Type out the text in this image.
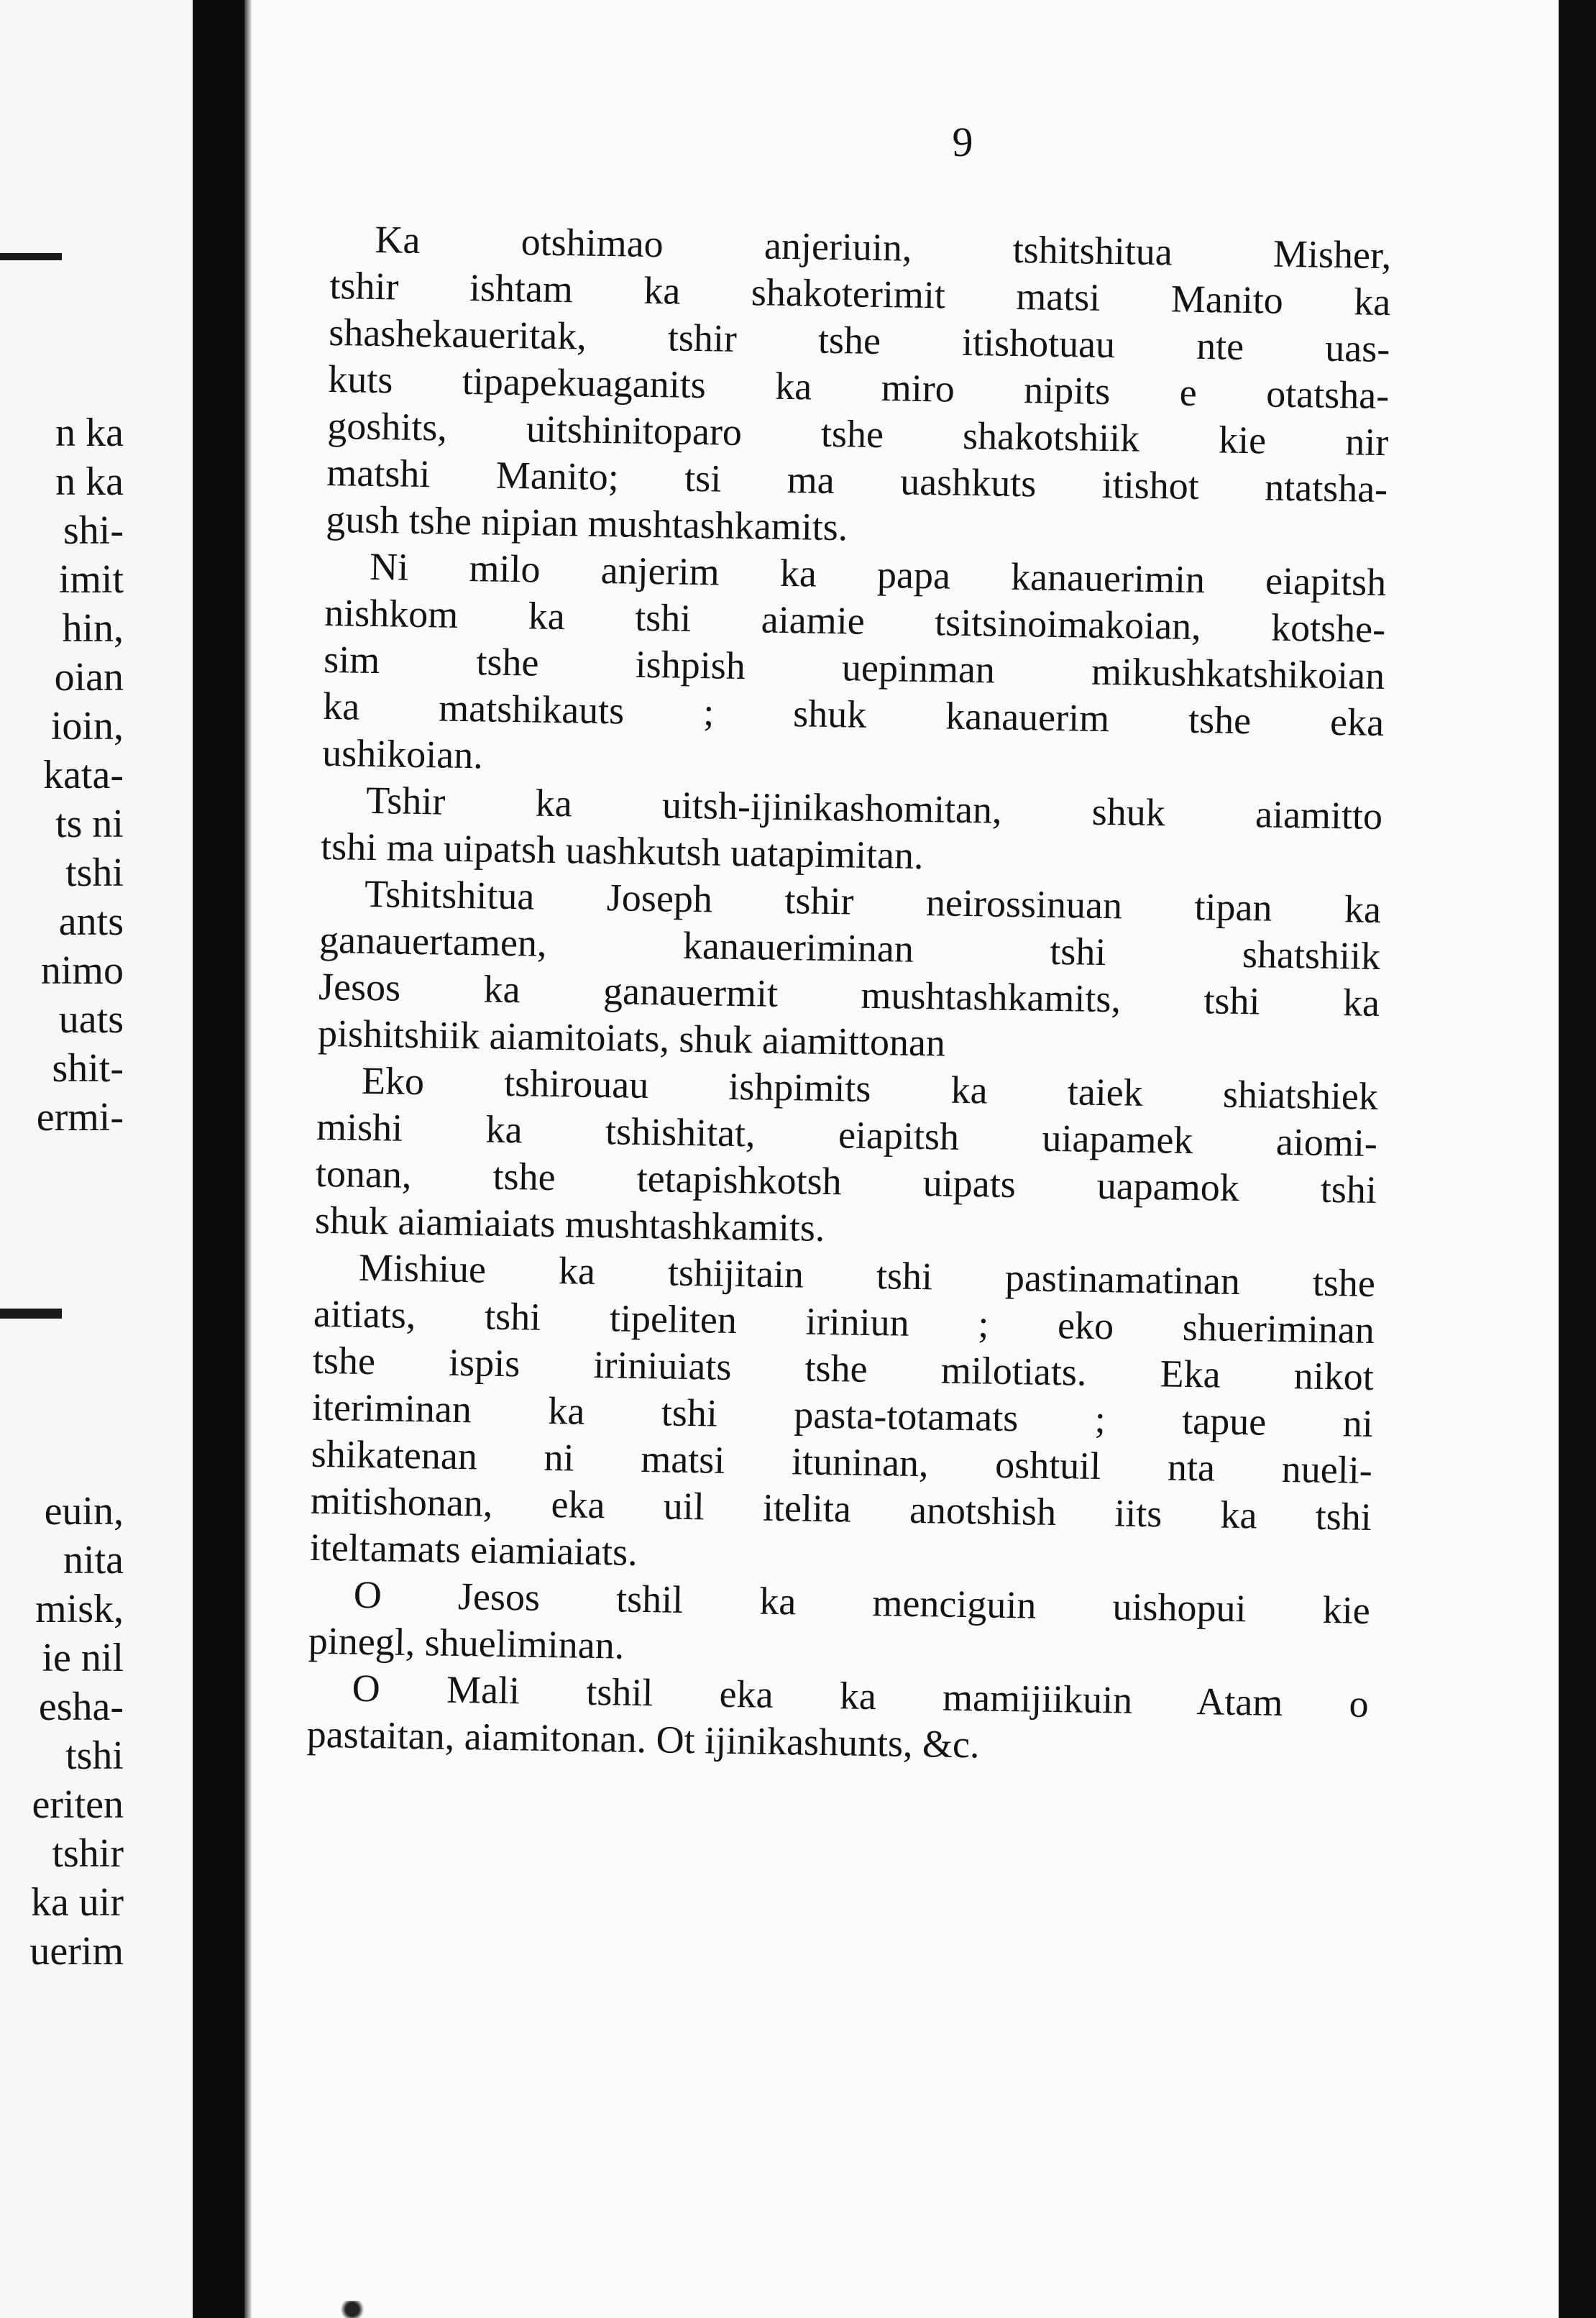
n ka
n ka
shi-
imit
hin,
oian
ioin,
kata-
ts ni
tshi
ants
nimo
uats
shit-
ermi-
euin,
nita
misk,
ie nil
esha-
tshi
eriten
tshir
ka uir
uerim
9
Ka otshimao anjeriuin, tshitshitua Misher,
tshir ishtam ka shakoterimit matsi Manito ka
shashekaueritak, tshir tshe itishotuau nte uas-
kuts tipapekuaganits ka miro nipits e otatsha-
goshits, uitshinitoparo tshe shakotshiik kie nir
matshi Manito; tsi ma uashkuts itishot ntatsha-
gush tshe nipian mushtashkamits.
Ni milo anjerim ka papa kanauerimin eiapitsh
nishkom ka tshi aiamie tsitsinoimakoian, kotshe-
sim tshe ishpish uepinman mikushkatshikoian
ka matshikauts ; shuk kanauerim tshe eka
ushikoian.
Tshir ka uitsh-ijinikashomitan, shuk aiamitto
tshi ma uipatsh uashkutsh uatapimitan.
Tshitshitua Joseph tshir neirossinuan tipan ka
ganauertamen, kanaueriminan tshi shatshiik
Jesos ka ganauermit mushtashkamits, tshi ka
pishitshiik aiamitoiats, shuk aiamittonan
Eko tshirouau ishpimits ka taiek shiatshiek
mishi ka tshishitat, eiapitsh uiapamek aiomi-
tonan, tshe tetapishkotsh uipats uapamok tshi
shuk aiamiaiats mushtashkamits.
Mishiue ka tshijitain tshi pastinamatinan tshe
aitiats, tshi tipeliten iriniun ; eko shueriminan
tshe ispis iriniuiats tshe milotiats. Eka nikot
iteriminan ka tshi pasta-totamats ; tapue ni
shikatenan ni matsi ituninan, oshtuil nta nueli-
mitishonan, eka uil itelita anotshish iits ka tshi
iteltamats eiamiaiats.
O Jesos tshil ka menciguin uishopui kie
pinegl, shueliminan.
O Mali tshil eka ka mamijiikuin Atam o
pastaitan, aiamitonan. Ot ijinikashunts, &c.
